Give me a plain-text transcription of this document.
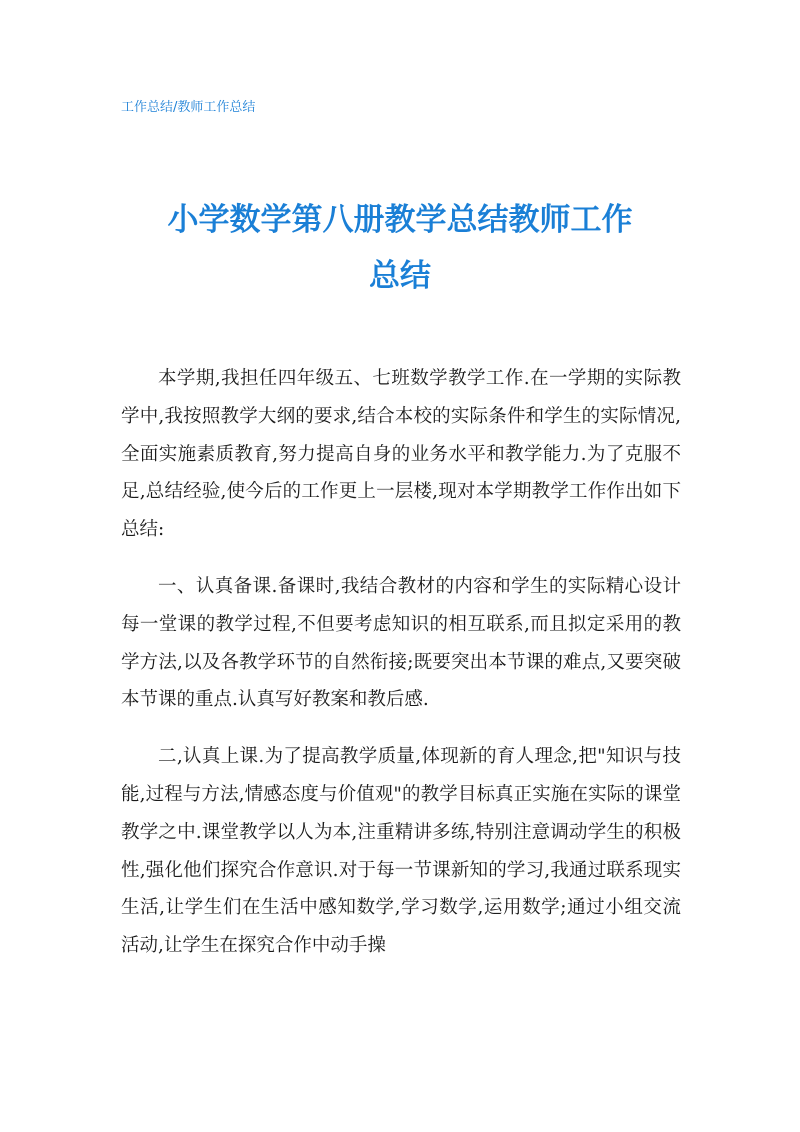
工作总结/教师工作总结
小学数学第八册教学总结教师工作
总结

本学期,我担任四年级五、七班数学教学工作.在一学期的实际教学中,我按照教学大纲的要求,结合本校的实际条件和学生的实际情况,全面实施素质教育,努力提高自身的业务水平和教学能力.为了克服不足,总结经验,使今后的工作更上一层楼,现对本学期教学工作作出如下总结:

一、认真备课.备课时,我结合教材的内容和学生的实际精心设计每一堂课的教学过程,不但要考虑知识的相互联系,而且拟定采用的教学方法,以及各教学环节的自然衔接;既要突出本节课的难点,又要突破本节课的重点.认真写好教案和教后感.

二,认真上课.为了提高教学质量,体现新的育人理念,把"知识与技能,过程与方法,情感态度与价值观"的教学目标真正实施在实际的课堂教学之中.课堂教学以人为本,注重精讲多练,特别注意调动学生的积极性,强化他们探究合作意识.对于每一节课新知的学习,我通过联系现实生活,让学生们在生活中感知数学,学习数学,运用数学;通过小组交流活动,让学生在探究合作中动手操
